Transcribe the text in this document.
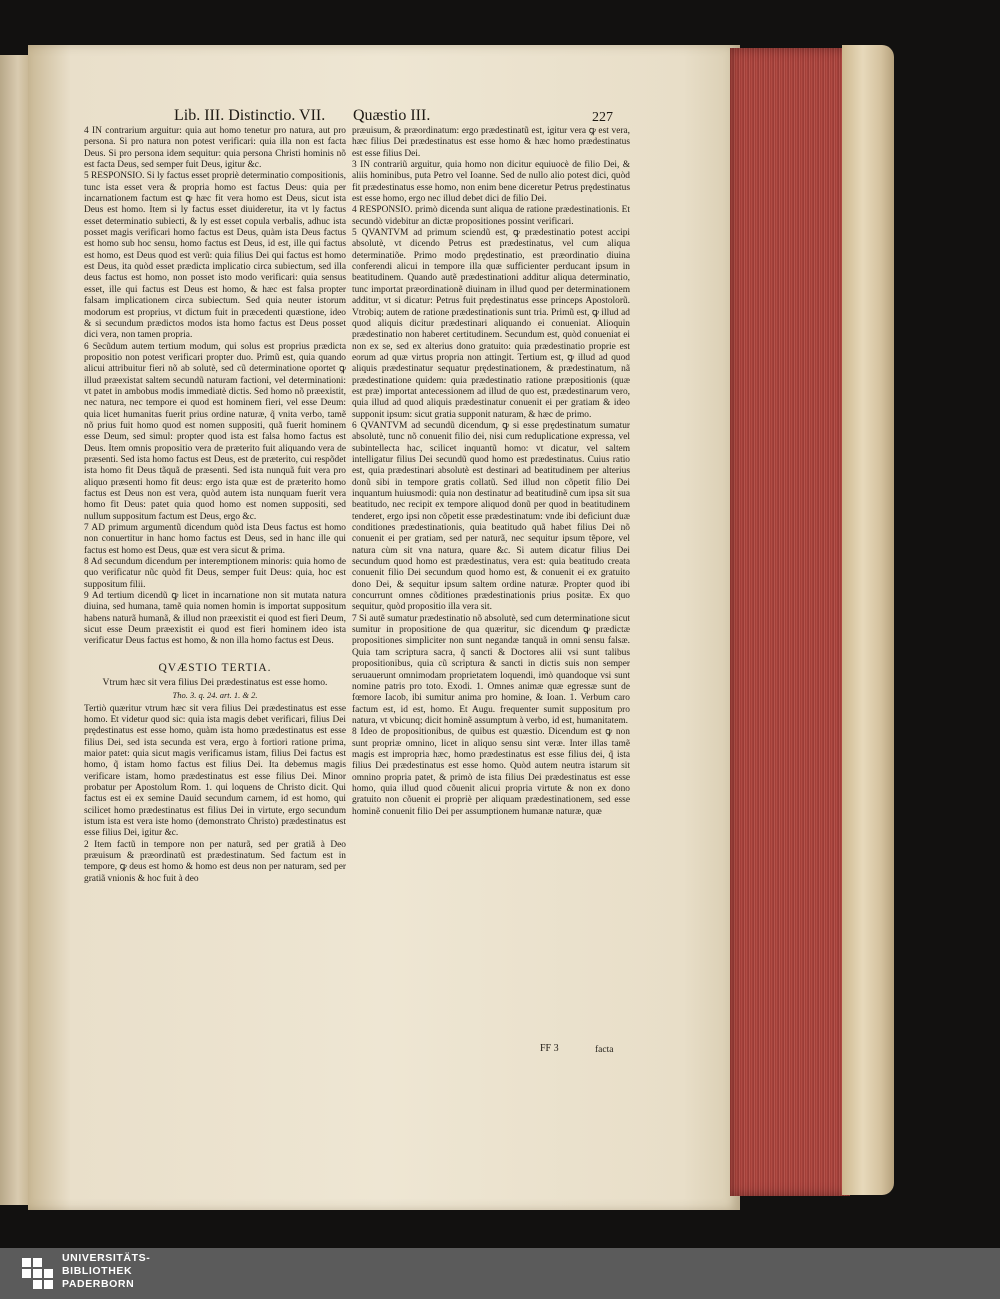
Lib. III. Distinctio. VII. Quæstio III.	227

4 IN contrarium arguitur: quia aut homo tenetur pro natura, aut pro persona. Si pro natura non potest verificari: quia illa non est facta Deus. Si pro persona idem sequitur: quia persona Christi hominis nõ est facta Deus, sed semper fuit Deus, igitur &c.

5 RESPONSIO. Si ly factus esset propriè determinatio compositionis, tunc ista esset vera & propria homo est factus Deus: quia per incarnationem factum est ꝙ hæc fit vera homo est Deus, sicut ista Deus est homo. Item si ly factus esset diuideretur, ita vt ly factus esset determinatio subiecti, & ly est esset copula verbalis, adhuc ista posset magis verificari homo factus est Deus, quàm ista Deus factus est homo sub hoc sensu, homo factus est Deus, id est, ille qui factus est homo, est Deus quod est verũ: quia filius Dei qui factus est homo est Deus, ita quòd esset prædicta implicatio circa subiectum, sed illa deus factus est homo, non posset isto modo verificari: quia sensus esset, ille qui factus est Deus est homo, & hæc est falsa propter falsam implicationem circa subiectum. Sed quia neuter istorum modorum est proprius, vt dictum fuit in præcedenti quæstione, ideo & si secundum prædictos modos ista homo factus est Deus posset dici vera, non tamen propria.

6 Secũdum autem tertium modum, qui solus est proprius prædicta propositio non potest verificari propter duo. Primũ est, quia quando alicui attribuitur fieri nõ ab solutè, sed cũ determinatione oportet ꝙ illud præexistat saltem secundũ naturam factioni, vel determinationi: vt patet in ambobus modis immediatè dictis. Sed homo nõ præexistit, nec natura, nec tempore ei quod est hominem fieri, vel esse Deum: quia licet humanitas fuerit prius ordine naturæ, q̃ vnita verbo, tamẽ nõ prius fuit homo quod est nomen suppositi, quã fuerit hominem esse Deum, sed simul: propter quod ista est falsa homo factus est Deus. Item omnis propositio vera de præterito fuit aliquando vera de præsenti. Sed ista homo factus est Deus, est de præterito, cui respõdet ista homo fit Deus tãquã de præsenti. Sed ista nunquã fuit vera pro aliquo præsenti homo fit deus: ergo ista quæ est de præterito homo factus est Deus non est vera, quòd autem ista nunquam fuerit vera homo fit Deus: patet quia quod homo est nomen suppositi, sed nullum suppositum factum est Deus, ergo &c.

7 AD primum argumentũ dicendum quòd ista Deus factus est homo non conuertitur in hanc homo factus est Deus, sed in hanc ille qui factus est homo est Deus, quæ est vera sicut & prima.

8 Ad secundum dicendum per interemptionem minoris: quia homo de quo verificatur nũc quòd fit Deus, semper fuit Deus: quia, hoc est suppositum filii.

9 Ad tertium dicendũ ꝙ licet in incarnatione non sit mutata natura diuina, sed humana, tamẽ quia nomen homin is importat suppositum habens naturã humanã, & illud non præexistit ei quod est fieri Deum, sicut esse Deum præexistit ei quod est fieri hominem ideo ista verificatur Deus factus est homo, & non illa homo factus est Deus.

QVÆSTIO TERTIA.
Vtrum hæc sit vera filius Dei prædestinatus est esse homo.
Tho. 3. q. 24. art. 1. & 2.

Tertiò quæritur vtrum hæc sit vera filius Dei prædestinatus est esse homo. Et videtur quod sic: quia ista magis debet verificari, filius Dei prędestinatus est esse homo, quàm ista homo prædestinatus est esse filius Dei, sed ista secunda est vera, ergo à fortiori ratione prima, maior patet: quia sicut magis verificamus istam, filius Dei factus est homo, q̃ istam homo factus est filius Dei. Ita debemus magis verificare istam, homo prædestinatus est esse filius Dei. Minor probatur per Apostolum Rom. 1. qui loquens de Christo dicit. Qui factus est ei ex semine Dauid secundum carnem, id est homo, qui scilicet homo prædestinatus est filius Dei in virtute, ergo secundum istum ista est vera iste homo (demonstrato Christo) prædestinatus est esse filius Dei, igitur &c.

2 Item factũ in tempore non per naturã, sed per gratiã à Deo præuisum & præordinatũ est prædestinatum. Sed factum est in tempore, ꝙ deus est homo & homo est deus non per naturam, sed per gratiã vnionis & hoc fuit à deo

præuisum, & præordinatum: ergo prædestinatũ est, igitur vera ꝙ est vera, hæc filius Dei prædestinatus est esse homo & hæc homo prædestinatus est esse filius Dei.

3 IN contrariũ arguitur, quia homo non dicitur equiuocè de filio Dei, & aliis hominibus, puta Petro vel Ioanne. Sed de nullo alio potest dici, quòd fit prædestinatus esse homo, non enim bene diceretur Petrus prędestinatus est esse homo, ergo nec illud debet dici de filio Dei.

4 RESPONSIO. primò dicenda sunt aliqua de ratione prædestinationis. Et secundò videbitur an dictæ propositiones possint verificari.

5 QVANTVM ad primum sciendũ est, ꝙ prædestinatio potest accipi absolutè, vt dicendo Petrus est prædestinatus, vel cum aliqua determinatiõe. Primo modo prędestinatio, est præordinatio diuina conferendi alicui in tempore illa quæ sufficienter perducant ipsum in beatitudinem. Quando autẽ prædestinationi additur aliqua determinatio, tunc importat præordinationẽ diuinam in illud quod per determinationem additur, vt si dicatur: Petrus fuit prędestinatus esse princeps Apostolorũ. Vtrobiq; autem de ratione prædestinationis sunt tria. Primũ est, ꝙ illud ad quod aliquis dicitur prædestinari aliquando ei conueniat. Alioquin prædestinatio non haberet certitudinem. Secundum est, quòd conueniat ei non ex se, sed ex alterius dono gratuito: quia prædestinatio proprie est eorum ad quæ virtus propria non attingit. Tertium est, ꝙ illud ad quod aliquis prædestinatur sequatur prędestinationem, & prædestinatum, nã prædestinatione quidem: quia prædestinatio ratione præpositionis (quæ est præ) importat antecessionem ad illud de quo est, prædestinarum vero, quia illud ad quod aliquis prædestinatur conuenit ei per gratiam & ideo supponit ipsum: sicut gratia supponit naturam, & hæc de primo.

6 QVANTVM ad secundũ dicendum, ꝙ si esse prędestinatum sumatur absolutè, tunc nõ conuenit filio dei, nisi cum reduplicatione expressa, vel subintellecta hac, scilicet inquantũ homo: vt dicatur, vel saltem intelligatur filius Dei secundũ quod homo est prædestinatus. Cuius ratio est, quia prædestinari absolutè est destinari ad beatitudinem per alterius donũ sibi in tempore gratis collatũ. Sed illud non cõpetit filio Dei inquantum huiusmodi: quia non destinatur ad beatitudinẽ cum ipsa sit sua beatitudo, nec recipit ex tempore aliquod donũ per quod in beatitudinem tenderet, ergo ipsi non cõpetit esse prædestinatum: vnde ibi deficiunt duæ conditiones prædestinationis, quia beatitudo quã habet filius Dei nõ conuenit ei per gratiam, sed per naturã, nec sequitur ipsum tẽpore, vel natura cùm sit vna natura, quare &c. Si autem dicatur filius Dei secundum quod homo est prædestinatus, vera est: quia beatitudo creata conuenit filio Dei secundum quod homo est, & conuenit ei ex gratuito dono Dei, & sequitur ipsum saltem ordine naturæ. Propter quod ibi concurrunt omnes cõditiones prædestinationis prius positæ. Ex quo sequitur, quòd propositio illa vera sit.

7 Si autẽ sumatur prædestinatio nõ absolutè, sed cum determinatione sicut sumitur in propositione de qua quæritur, sic dicendum ꝙ prædictæ propositiones simpliciter non sunt negandæ tanquã in omni sensu falsæ. Quia tam scriptura sacra, q̃ sancti & Doctores alii vsi sunt talibus propositionibus, quia cũ scriptura & sancti in dictis suis non semper seruauerunt omnimodam proprietatem loquendi, imò quandoque vsi sunt nomine patris pro toto. Exodi. 1. Omnes animæ quæ egressæ sunt de fœmore Iacob, ibi sumitur anima pro homine, & Ioan. 1. Verbum caro factum est, id est, homo. Et Augu. frequenter sumit suppositum pro natura, vt vbicunq; dicit hominẽ assumptum à verbo, id est, humanitatem.

8 Ideo de propositionibus, de quibus est quæstio. Dicendum est ꝙ non sunt propriæ omnino, licet in aliquo sensu sint veræ. Inter illas tamẽ magis est impropria hæc, homo prædestinatus est esse filius dei, q̃ ista filius Dei prædestinatus est esse homo. Quòd autem neutra istarum sit omnino propria patet, & primò de ista filius Dei prædestinatus est esse homo, quia illud quod cõuenit alicui propria virtute & non ex dono gratuito non cõuenit ei propriè per aliquam prædestinationem, sed esse hominẽ conuenit filio Dei per assumptionem humanæ naturæ, quæ

FF 3	facta
UNIVERSITÄTS-
BIBLIOTHEK
PADERBORN
